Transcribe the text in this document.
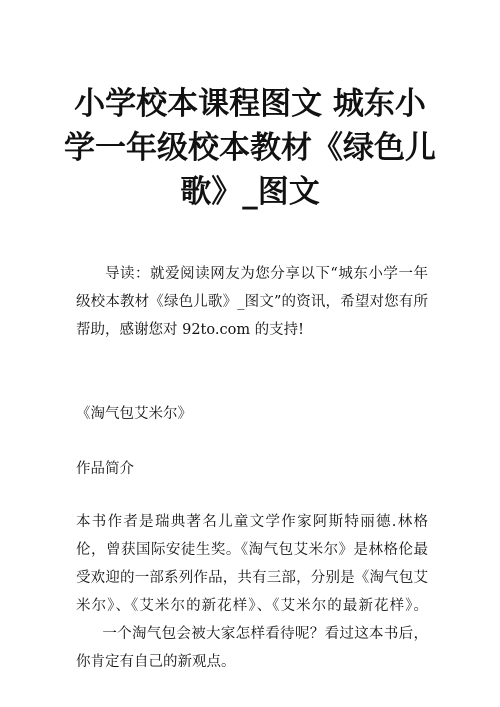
小学校本课程图文 城东小学一年级校本教材《绿色儿歌》_图文

导读：就爱阅读网友为您分享以下“城东小学一年级校本教材《绿色儿歌》_图文”的资讯，希望对您有所帮助，感谢您对 92to.com 的支持!

《淘气包艾米尔》

作品简介

本书作者是瑞典著名儿童文学作家阿斯特丽德.林格伦，曾获国际安徒生奖。《淘气包艾米尔》是林格伦最受欢迎的一部系列作品，共有三部，分别是《淘气包艾米尔》、《艾米尔的新花样》、《艾米尔的最新花样》。一个淘气包会被大家怎样看待呢？看过这本书后，你肯定有自己的新观点。
